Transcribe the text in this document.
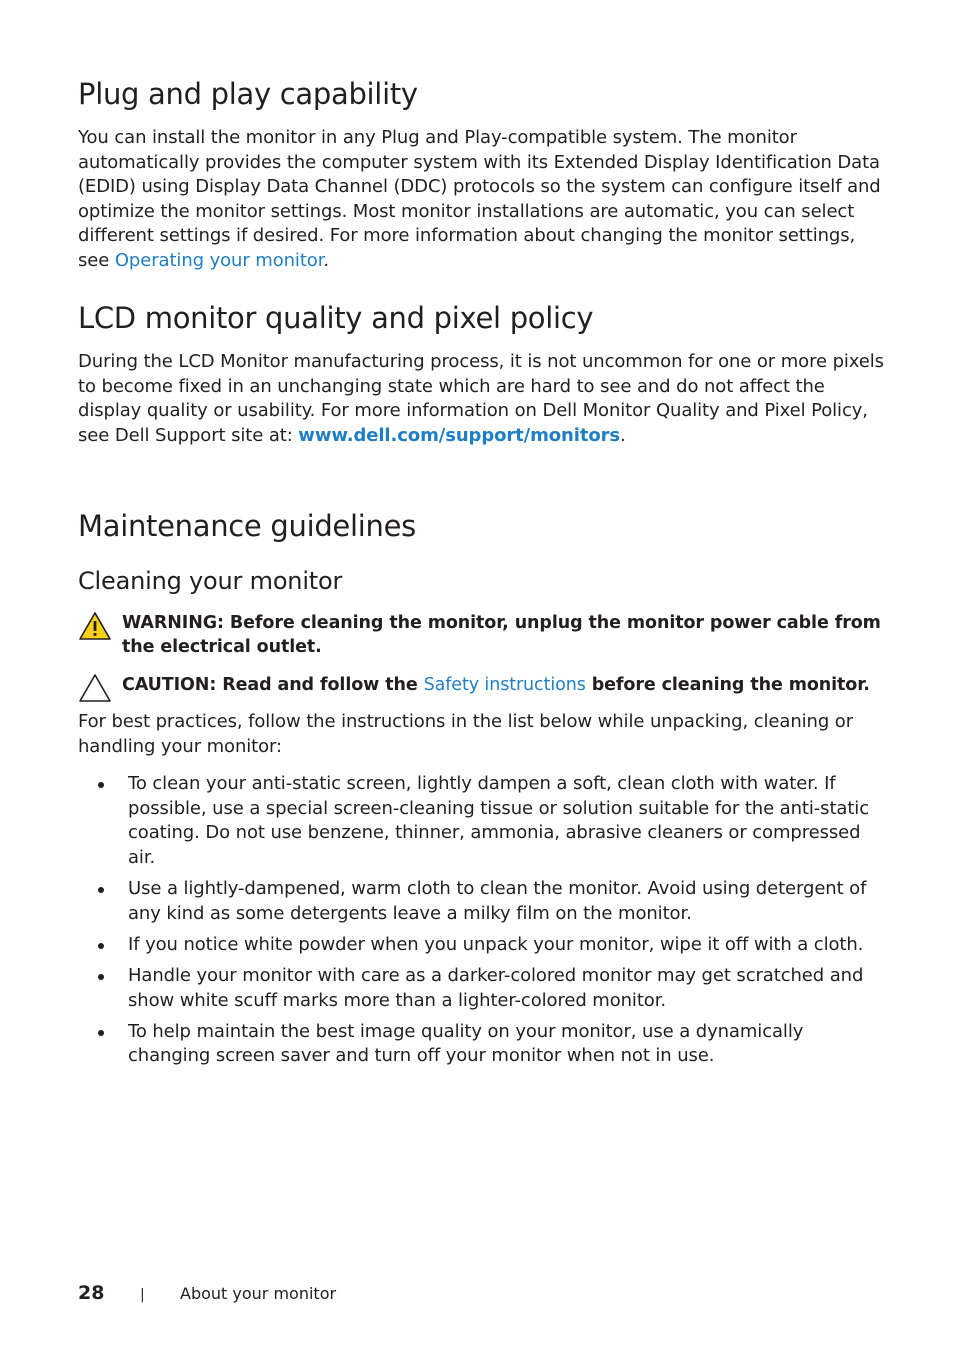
Plug and play capability

You can install the monitor in any Plug and Play-compatible system. The monitor automatically provides the computer system with its Extended Display Identification Data (EDID) using Display Data Channel (DDC) protocols so the system can configure itself and optimize the monitor settings. Most monitor installations are automatic, you can select different settings if desired. For more information about changing the monitor settings, see Operating your monitor.

LCD monitor quality and pixel policy

During the LCD Monitor manufacturing process, it is not uncommon for one or more pixels to become fixed in an unchanging state which are hard to see and do not affect the display quality or usability. For more information on Dell Monitor Quality and Pixel Policy, see Dell Support site at: www.dell.com/support/monitors.

Maintenance guidelines
Cleaning your monitor
WARNING: Before cleaning the monitor, unplug the monitor power cable from the electrical outlet.
CAUTION: Read and follow the Safety instructions before cleaning the monitor.

For best practices, follow the instructions in the list below while unpacking, cleaning or handling your monitor:

To clean your anti-static screen, lightly dampen a soft, clean cloth with water. If possible, use a special screen-cleaning tissue or solution suitable for the anti-static coating. Do not use benzene, thinner, ammonia, abrasive cleaners or compressed air.
Use a lightly-dampened, warm cloth to clean the monitor. Avoid using detergent of any kind as some detergents leave a milky film on the monitor.
If you notice white powder when you unpack your monitor, wipe it off with a cloth.
Handle your monitor with care as a darker-colored monitor may get scratched and show white scuff marks more than a lighter-colored monitor.
To help maintain the best image quality on your monitor, use a dynamically changing screen saver and turn off your monitor when not in use.
28	|	About your monitor
